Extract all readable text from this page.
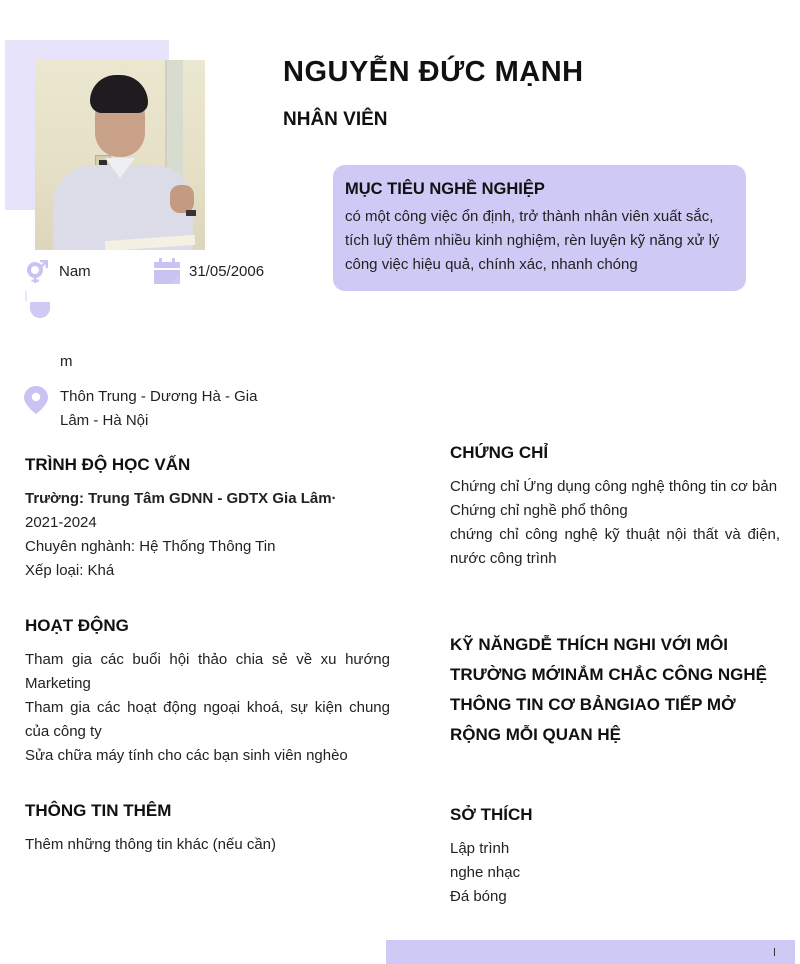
NGUYỄN ĐỨC MẠNH
NHÂN VIÊN
MỤC TIÊU NGHỀ NGHIỆP

có một công việc ổn định, trở thành nhân viên xuất sắc, tích luỹ thêm nhiều kinh nghiệm, rèn luyện kỹ năng xử lý công việc hiệu quả, chính xác, nhanh chóng

Nam	31/05/2006
m
Thôn Trung - Dương Hà - Gia Lâm - Hà Nội
TRÌNH ĐỘ HỌC VẤN
Trường: Trung Tâm GDNN - GDTX Gia Lâm·
2021-2024
Chuyên nghành: Hệ Thống Thông Tin
Xếp loại: Khá
HOẠT ĐỘNG
Tham gia các buổi hội thảo chia sẻ về xu hướng Marketing
Tham gia các hoạt động ngoại khoá, sự kiện chung của công ty
Sửa chữa máy tính cho các bạn sinh viên nghèo
THÔNG TIN THÊM
Thêm những thông tin khác (nếu cần)
CHỨNG CHỈ
Chứng chỉ Ứng dụng công nghệ thông tin cơ bản
Chứng chỉ nghề phổ thông
chứng chỉ công nghệ kỹ thuật nội thất và điện, nước công trình
KỸ NĂNGDỄ THÍCH NGHI VỚI MÔI TRƯỜNG MỚINẮM CHẮC CÔNG NGHỆ THÔNG TIN CƠ BẢNGIAO TIẾP MỞ RỘNG MỖI QUAN HỆ
SỞ THÍCH
Lập trình
nghe nhạc
Đá bóng
